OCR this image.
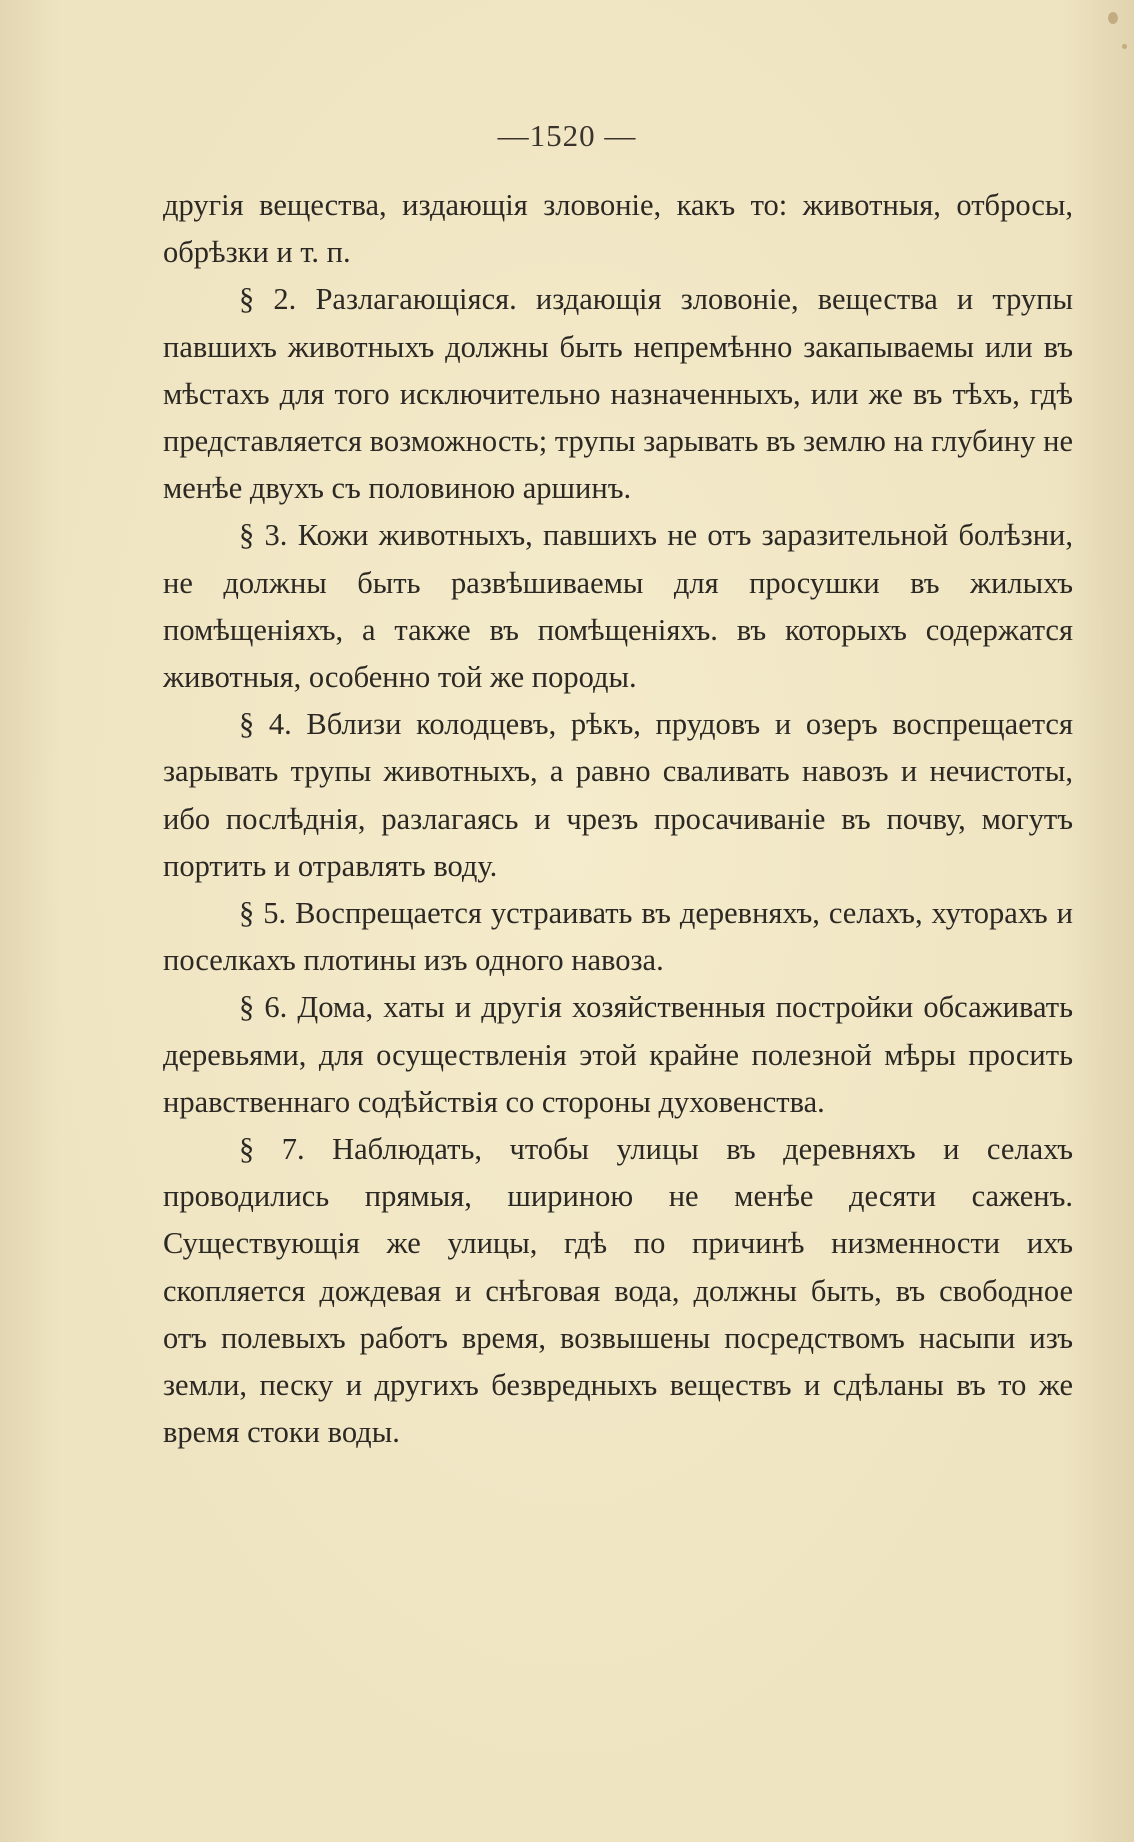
—1520 —

другія вещества, издающія зловоніе, какъ то: животныя, отбросы, обрѣзки и т. п.

§ 2. Разлагающіяся. издающія зловоніе, вещества и трупы павшихъ животныхъ должны быть непремѣнно закапываемы или въ мѣстахъ для того исключительно назначенныхъ, или же въ тѣхъ, гдѣ представляется возможность; трупы зарывать въ землю на глубину не менѣе двухъ съ половиною аршинъ.

§ 3. Кожи животныхъ, павшихъ не отъ заразительной болѣзни, не должны быть развѣшиваемы для просушки въ жилыхъ помѣщеніяхъ, а также въ помѣщеніяхъ. въ которыхъ содержатся животныя, особенно той же породы.

§ 4. Вблизи колодцевъ, рѣкъ, прудовъ и озеръ воспрещается зарывать трупы животныхъ, а равно сваливать навозъ и нечистоты, ибо послѣднія, разлагаясь и чрезъ просачиваніе въ почву, могутъ портить и отравлять воду.

§ 5. Воспрещается устраивать въ деревняхъ, селахъ, хуторахъ и поселкахъ плотины изъ одного навоза.

§ 6. Дома, хаты и другія хозяйственныя постройки обсаживать деревьями, для осуществленія этой крайне полезной мѣры просить нравственнаго содѣйствія со стороны духовенства.

§ 7. Наблюдать, чтобы улицы въ деревняхъ и селахъ проводились прямыя, шириною не менѣе десяти саженъ. Существующія же улицы, гдѣ по причинѣ низменности ихъ скопляется дождевая и снѣговая вода, должны быть, въ свободное отъ полевыхъ работъ время, возвышены посредствомъ насыпи изъ земли, песку и другихъ безвредныхъ веществъ и сдѣланы въ то же время стоки воды.
